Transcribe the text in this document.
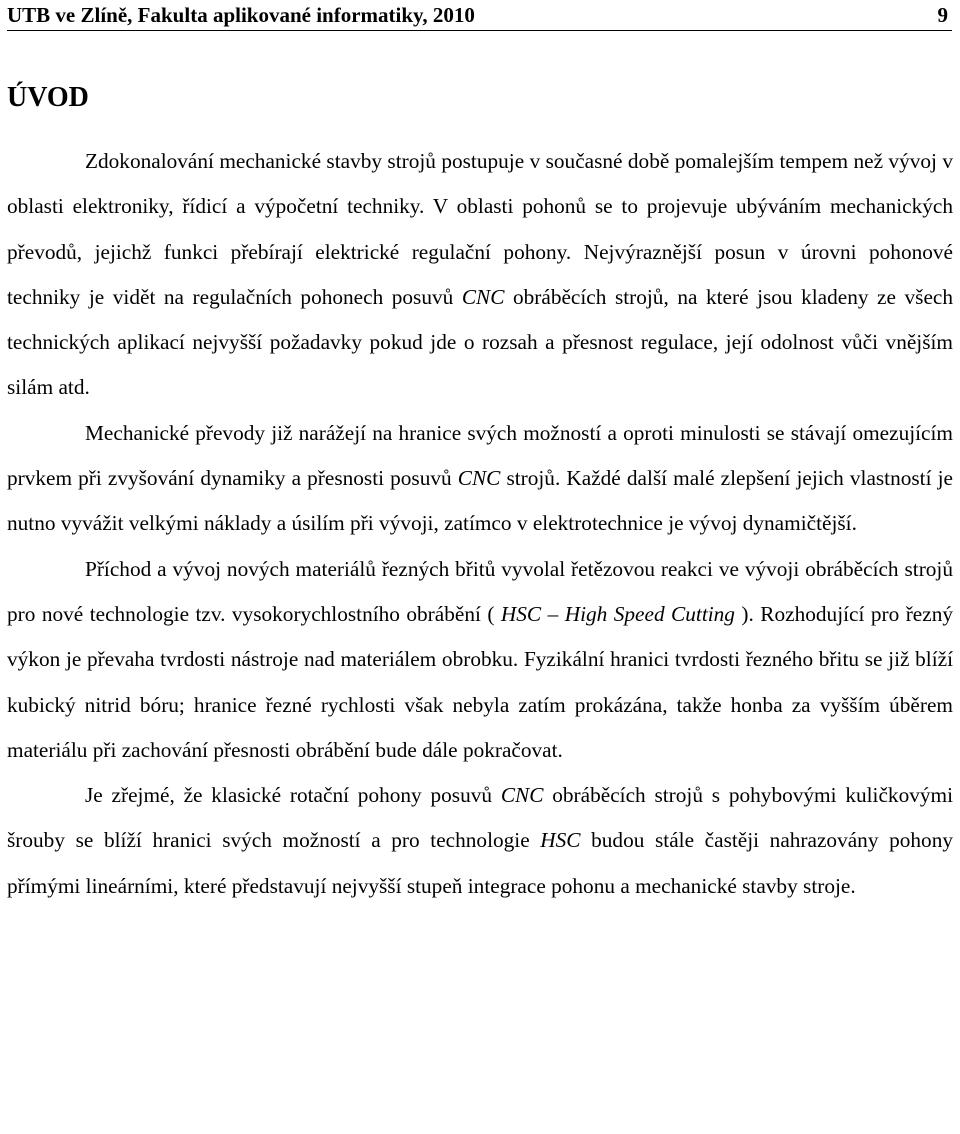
UTB ve Zlíně, Fakulta aplikované informatiky, 2010	9
ÚVOD

Zdokonalování mechanické stavby strojů postupuje v současné době pomalejším tempem než vývoj v oblasti elektroniky, řídicí a výpočetní techniky. V oblasti pohonů se to projevuje ubýváním mechanických převodů, jejichž funkci přebírají elektrické regulační pohony. Nejvýraznější posun v úrovni pohonové techniky je vidět na regulačních pohonech posuvů CNC obráběcích strojů, na které jsou kladeny ze všech technických aplikací nejvyšší požadavky pokud jde o rozsah a přesnost regulace, její odolnost vůči vnějším silám atd.

Mechanické převody již narážejí na hranice svých možností a oproti minulosti se stávají omezujícím prvkem při zvyšování dynamiky a přesnosti posuvů CNC strojů. Každé další malé zlepšení jejich vlastností je nutno vyvážit velkými náklady a úsilím při vývoji, zatímco v elektrotechnice je vývoj dynamičtější.

Příchod a vývoj nových materiálů řezných břitů vyvolal řetězovou reakci ve vývoji obráběcích strojů pro nové technologie tzv. vysokorychlostního obrábění ( HSC – High Speed Cutting ). Rozhodující pro řezný výkon je převaha tvrdosti nástroje nad materiálem obrobku. Fyzikální hranici tvrdosti řezného břitu se již blíží kubický nitrid bóru; hranice řezné rychlosti však nebyla zatím prokázána, takže honba za vyšším úběrem materiálu při zachování přesnosti obrábění bude dále pokračovat.

Je zřejmé, že klasické rotační pohony posuvů CNC obráběcích strojů s pohybovými kuličkovými šrouby se blíží hranici svých možností a pro technologie HSC budou stále častěji nahrazovány pohony přímými lineárními, které představují nejvyšší stupeň integrace pohonu a mechanické stavby stroje.
